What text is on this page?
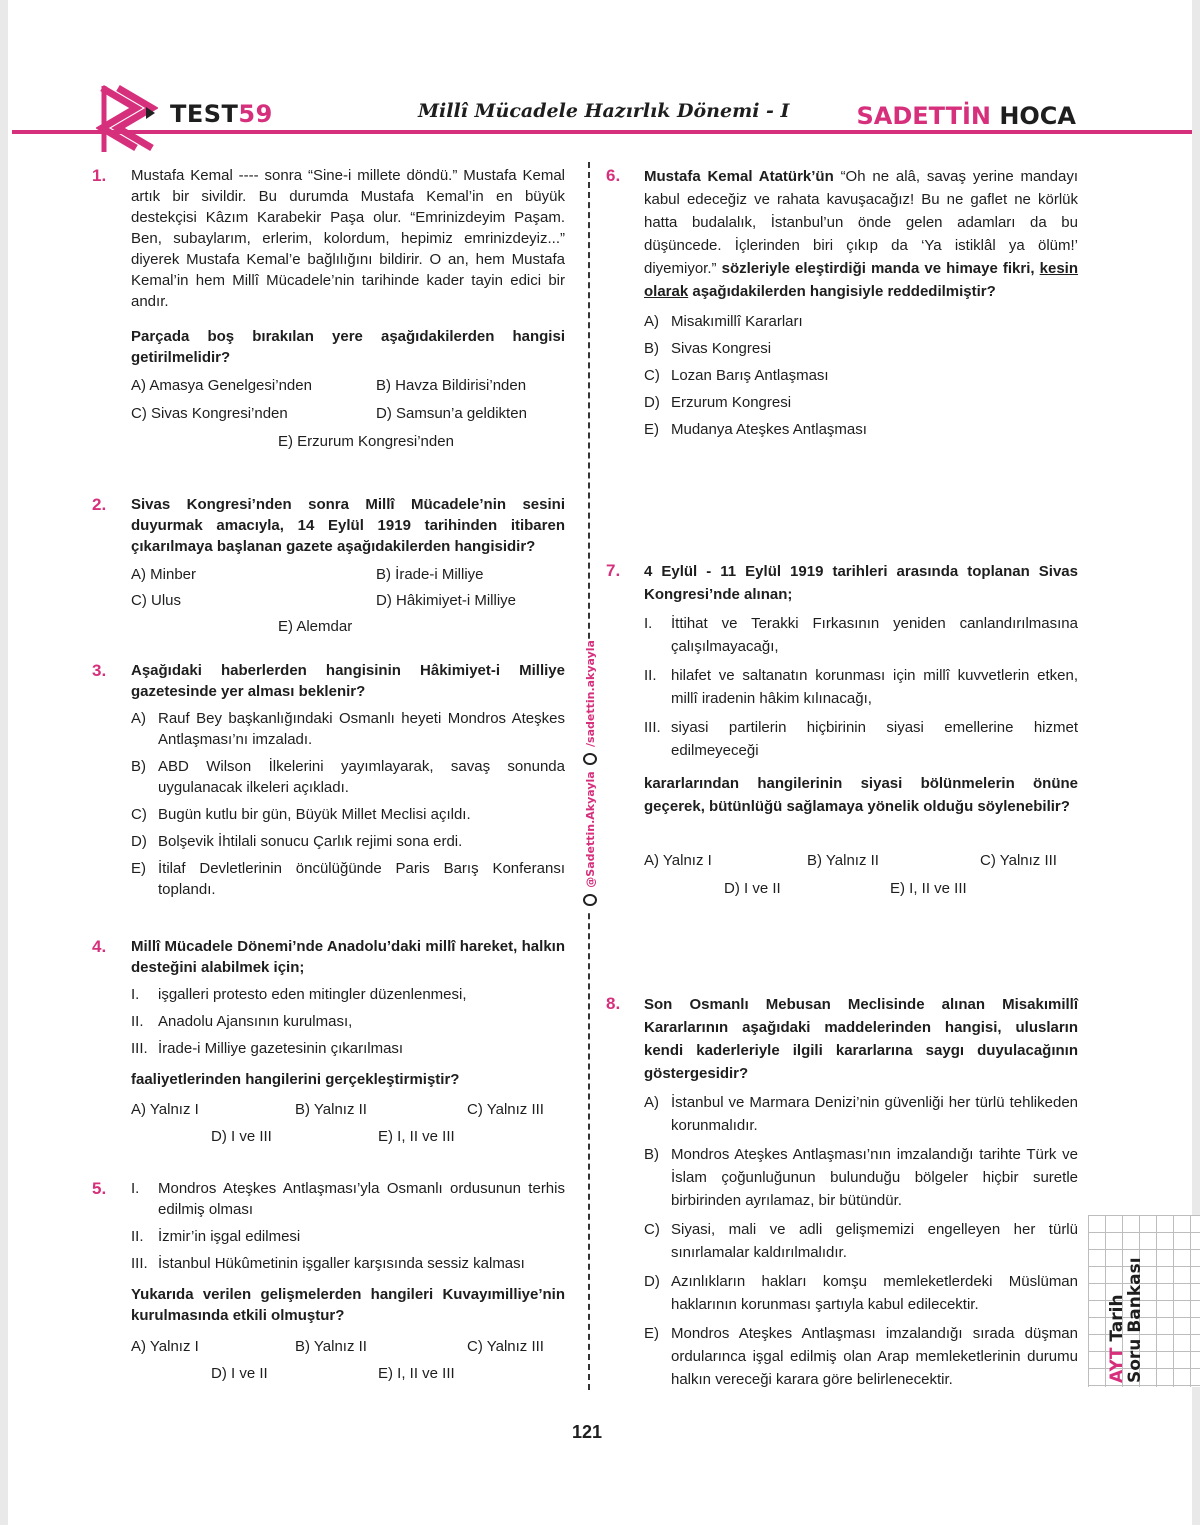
TEST59	Millî Mücadele Hazırlık Dönemi - I	SADETTİN HOCA
@Sadettin.Akyayla
/sadettin.akyayla
1. Mustafa Kemal ---- sonra “Sine-i millete döndü.” Mustafa Kemal artık bir sivildir. Bu durumda Mustafa Kemal’in en büyük destekçisi Kâzım Karabekir Paşa olur. “Emrinizdeyim Paşam. Ben, subaylarım, erlerim, kolordum, hepimiz emrinizdeyiz...” diyerek Mustafa Kemal’e bağlılığını bildirir. O an, hem Mustafa Kemal’in hem Millî Mücadele’nin tarihinde kader tayin edici bir andır.
Parçada boş bırakılan yere aşağıdakilerden hangisi getirilmelidir?
A) Amasya Genelgesi’nden	B) Havza Bildirisi’nden
C) Sivas Kongresi’nden	D) Samsun’a geldikten
E) Erzurum Kongresi’nden
2. Sivas Kongresi’nden sonra Millî Mücadele’nin sesini duyurmak amacıyla, 14 Eylül 1919 tarihinden itibaren çıkarılmaya başlanan gazete aşağıdakilerden hangisidir?
A) Minber	B) İrade-i Milliye
C) Ulus	D) Hâkimiyet-i Milliye
E) Alemdar
3. Aşağıdaki haberlerden hangisinin Hâkimiyet-i Milliye gazetesinde yer alması beklenir?
A) Rauf Bey başkanlığındaki Osmanlı heyeti Mondros Ateşkes Antlaşması’nı imzaladı.
B) ABD Wilson İlkelerini yayımlayarak, savaş sonunda uygulanacak ilkeleri açıkladı.
C) Bugün kutlu bir gün, Büyük Millet Meclisi açıldı.
D) Bolşevik İhtilali sonucu Çarlık rejimi sona erdi.
E) İtilaf Devletlerinin öncülüğünde Paris Barış Konferansı toplandı.
4. Millî Mücadele Dönemi’nde Anadolu’daki millî hareket, halkın desteğini alabilmek için;
I.	işgalleri protesto eden mitingler düzenlenmesi,
II. Anadolu Ajansının kurulması,
III. İrade-i Milliye gazetesinin çıkarılması
faaliyetlerinden hangilerini gerçekleştirmiştir?
A) Yalnız I	B) Yalnız II	C) Yalnız III
D) I ve III	E) I, II ve III
5. I.	Mondros Ateşkes Antlaşması’yla Osmanlı ordusunun terhis edilmiş olması
II. İzmir’in işgal edilmesi
III. İstanbul Hükûmetinin işgaller karşısında sessiz kalması
Yukarıda verilen gelişmelerden hangileri Kuvayımilliye’nin kurulmasında etkili olmuştur?
A) Yalnız I	B) Yalnız II	C) Yalnız III
D) I ve II	E) I, II ve III
6. Mustafa Kemal Atatürk’ün “Oh ne alâ, savaş yerine mandayı kabul edeceğiz ve rahata kavuşacağız! Bu ne gaflet ne körlük hatta budalalık, İstanbul’un önde gelen adamları da bu düşüncede. İçlerinden biri çıkıp da ‘Ya istiklâl ya ölüm!’ diyemiyor.” sözleriyle eleştirdiği manda ve himaye fikri, kesin olarak aşağıdakilerden hangisiyle reddedilmiştir?
A) Misakımillî Kararları
B) Sivas Kongresi
C) Lozan Barış Antlaşması
D) Erzurum Kongresi
E) Mudanya Ateşkes Antlaşması
7. 4 Eylül - 11 Eylül 1919 tarihleri arasında toplanan Sivas Kongresi’nde alınan;
I.	İttihat ve Terakki Fırkasının yeniden canlandırılmasına çalışılmayacağı,
II. hilafet ve saltanatın korunması için millî kuvvetlerin etken, millî iradenin hâkim kılınacağı,
III. siyasi partilerin hiçbirinin siyasi emellerine hizmet edilmeyeceği
kararlarından hangilerinin siyasi bölünmelerin önüne geçerek, bütünlüğü sağlamaya yönelik olduğu söylenebilir?
A) Yalnız I	B) Yalnız II	C) Yalnız III
D) I ve II	E) I, II ve III
8. Son Osmanlı Mebusan Meclisinde alınan Misakımillî Kararlarının aşağıdaki maddelerinden hangisi, ulusların kendi kaderleriyle ilgili kararlarına saygı duyulacağının göstergesidir?
A) İstanbul ve Marmara Denizi’nin güvenliği her türlü tehlikeden korunmalıdır.
B) Mondros Ateşkes Antlaşması’nın imzalandığı tarihte Türk ve İslam çoğunluğunun bulunduğu bölgeler hiçbir suretle birbirinden ayrılamaz, bir bütündür.
C) Siyasi, mali ve adli gelişmemizi engelleyen her türlü sınırlamalar kaldırılmalıdır.
D) Azınlıkların hakları komşu memleketlerdeki Müslüman haklarının korunması şartıyla kabul edilecektir.
E) Mondros Ateşkes Antlaşması imzalandığı sırada düşman ordularınca işgal edilmiş olan Arap memleketlerinin durumu halkın vereceği karara göre belirlenecektir.
121
AYT Tarih
Soru Bankası
